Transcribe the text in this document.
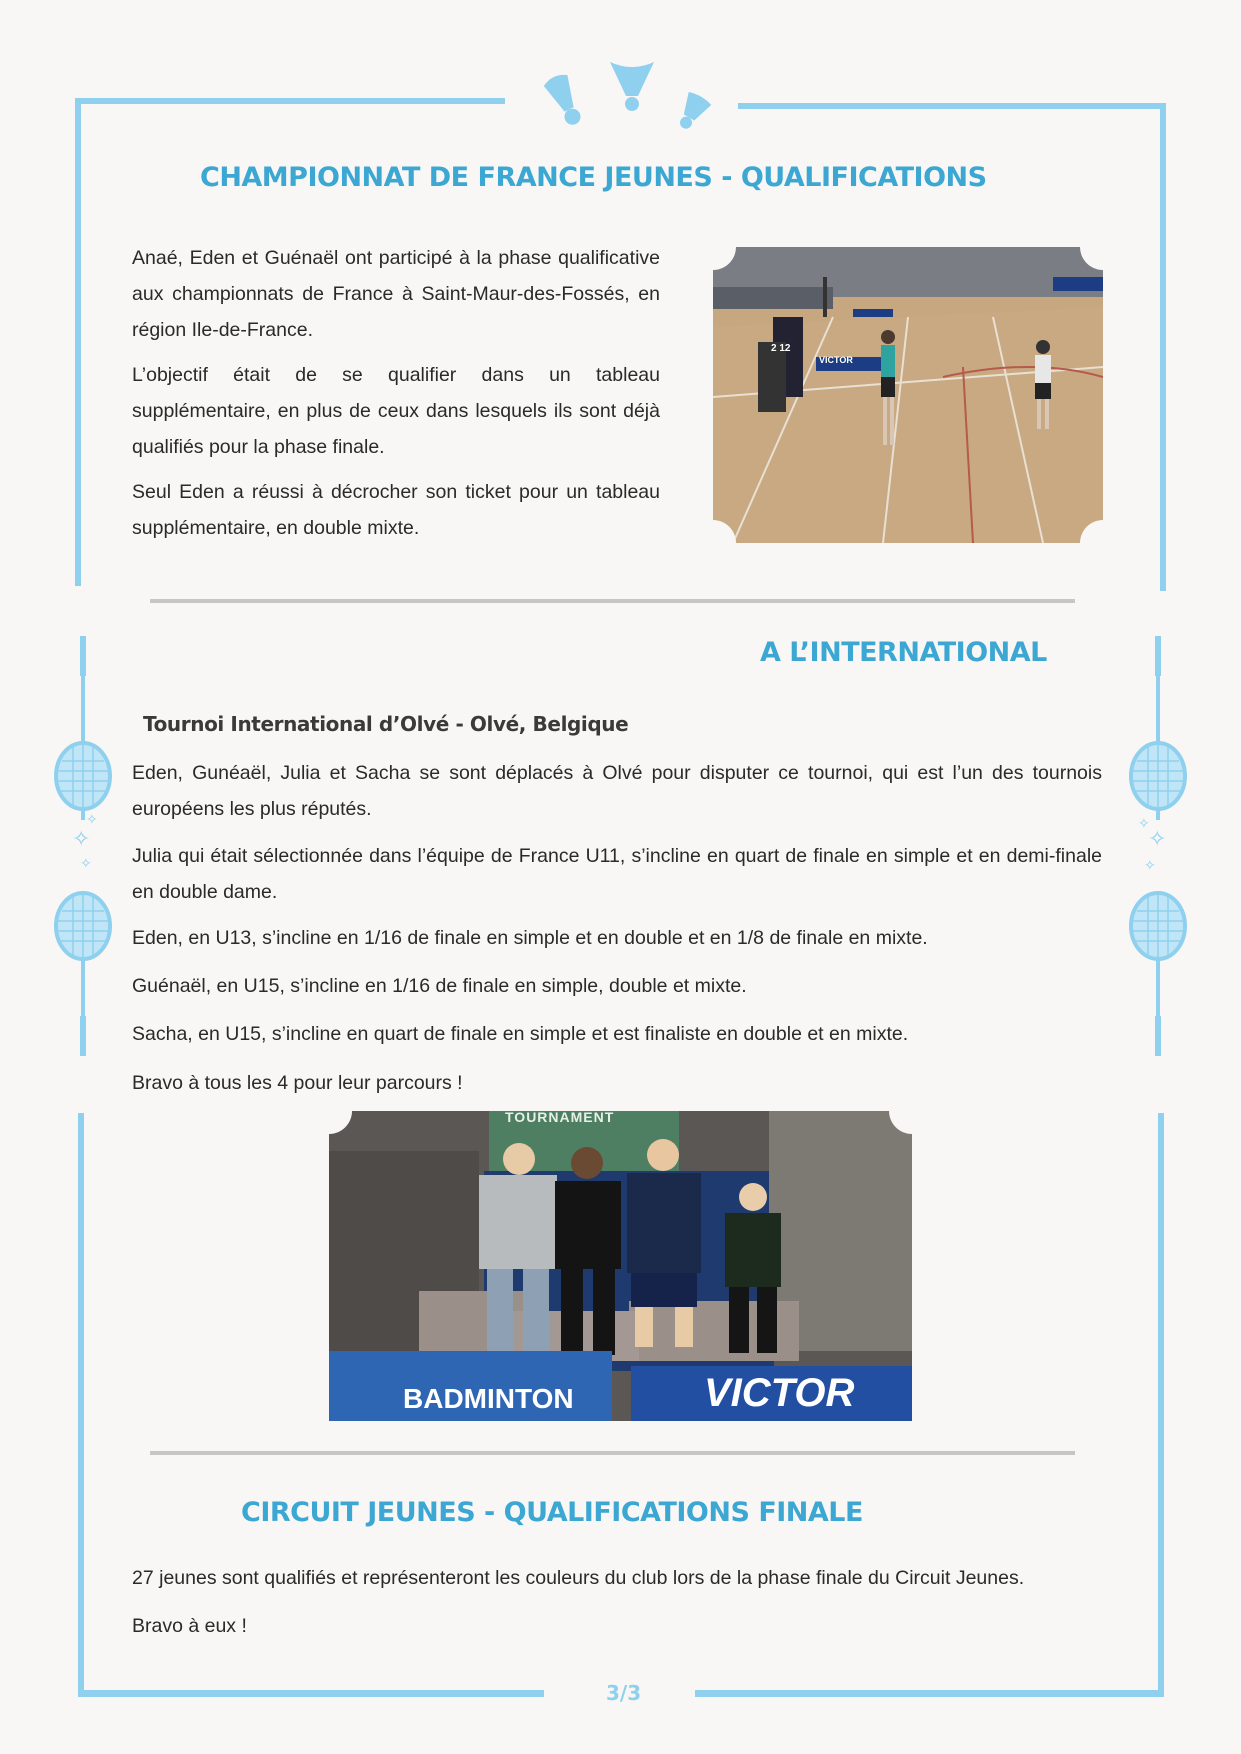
✧
✧
✧
✧
✧
✧
CHAMPIONNAT DE FRANCE JEUNES - QUALIFICATIONS

Anaé, Eden et Guénaël ont participé à la phase qualificative aux championnats de France à Saint-Maur-des-Fossés, en région Ile-de-France.

L’objectif était de se qualifier dans un tableau supplémentaire, en plus de ceux dans lesquels ils sont déjà qualifiés pour la phase finale.

Seul Eden a réussi à décrocher son ticket pour un tableau supplémentaire, en double mixte.

VICTOR
2 12
A L’INTERNATIONAL
Tournoi International d’Olvé - Olvé, Belgique

Eden, Gunéaël, Julia et Sacha se sont déplacés à Olvé pour disputer ce tournoi, qui est l’un des tournois européens les plus réputés.

Julia qui était sélectionnée dans l’équipe de France U11, s’incline en quart de finale en simple et en demi-finale en double dame.

Eden, en U13, s’incline en 1/16 de finale en simple et en double et en 1/8 de finale en mixte.

Guénaël, en U15, s’incline en 1/16 de finale en simple, double et mixte.

Sacha, en U15, s’incline en quart de finale en simple et est finaliste en double et en mixte.

Bravo à tous les 4 pour leur parcours !

TOURNAMENT
BADMINTON	VICTOR
CIRCUIT JEUNES - QUALIFICATIONS FINALE

27 jeunes sont qualifiés et représenteront les couleurs du club lors de la phase finale du Circuit Jeunes.

Bravo à eux !

3/3
